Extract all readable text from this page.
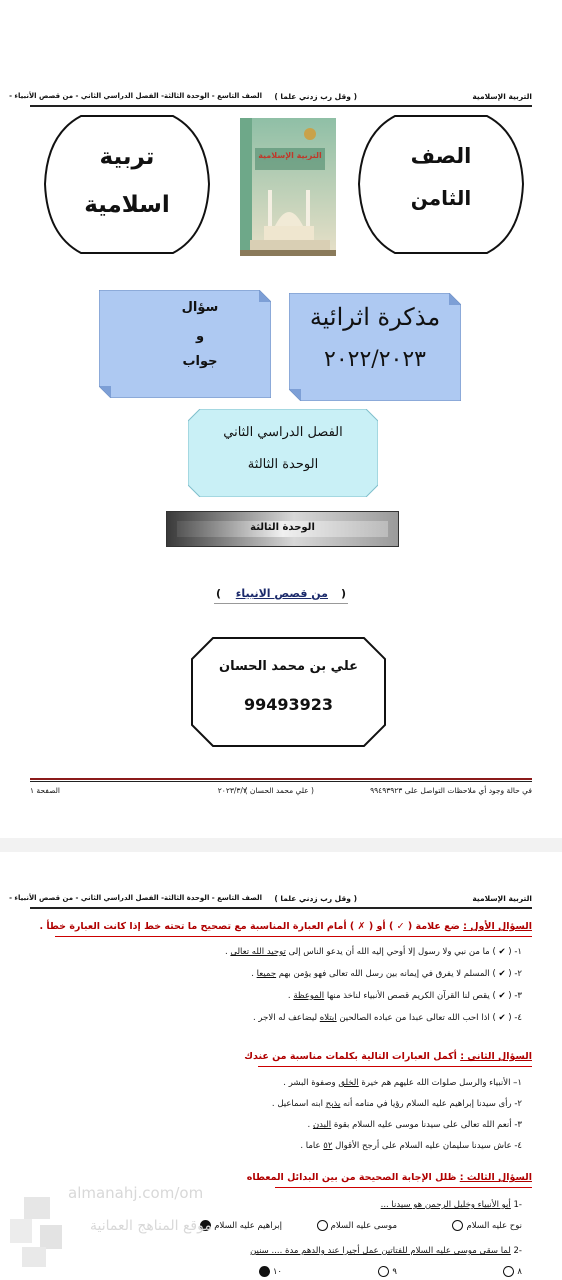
التربية الإسلامية
( وقل رب زدني علما )
الصف التاسع - الوحدة الثالثة- الفصل الدراسي الثاني - من قصص الأنبياء -
الصف
الثامن
تربية
اسلامية
التربية الإسلامية
مذكرة اثرائية
٢٠٢٢/٢٠٢٣
سؤال
و
جواب
الفصل الدراسي الثاني
الوحدة الثالثة
الوحدة الثالثة
(
من قصص الانبياء
)
علي بن محمد الحسان
99493923
في حالة وجود أي ملاحظات التواصل على ٩٩٤٩٣٩٢٣
( علي محمد الحسان )
٢٠٢٣/٣/٢
الصفحة ١
التربية الإسلامية
( وقل رب زدني علما )
الصف التاسع - الوحدة الثالثة- الفصل الدراسي الثاني - من قصص الأنبياء -
السؤال الأول : ضع علامة ( ✓ ) أو ( ✗ ) أمام العبارة المناسبة مع تصحيح ما تحته خط إذا كانت العبارة خطأ .
١- ( ✔ ) ما من نبي ولا رسول إلا أوحي إليه الله أن يدعو الناس إلى توحيد الله تعالى .
٢- ( ✔ ) المسلم لا يفرق في إيمانه بين رسل الله تعالى فهو يؤمن بهم جميعا .
٣- ( ✔ ) يقص لنا القرآن الكريم قصص الأنبياء لناخذ منها الموعظة .
٤- ( ✔ ) اذا احب الله تعالى عبدا من عباده الصالحين ابتلاه ليضاعف له الاجر .
السؤال الثاني : أكمل العبارات التالية بكلمات مناسبة من عندك
١– الأنبياء والرسل صلوات الله عليهم هم خيرة الخلق وصفوة البشر .
٢- رأى سيدنا إبراهيم عليه السلام رؤيا في منامه أنه يذبح ابنه اسماعيل .
٣- أنعم الله تعالى على سيدنا موسى عليه السلام بقوة البدن .
٤- عاش سيدنا سليمان عليه السلام على أرجح الأقوال ٥٢ عاما .
السؤال الثالث : ظلل الإجابة الصحيحة من بين البدائل المعطاه
-1 أبو الأنبياء وخليل الرحمن هو سيدنا ...
نوح عليه السلام
موسى عليه السلام
إبراهيم عليه السلام
-2 لما سقى موسى عليه السلام للفتاتين عمل أجيرا عند والدهم مدة .... سنين
٨
٩
١٠
almanahj.com/om
موقع المناهج العمانية
